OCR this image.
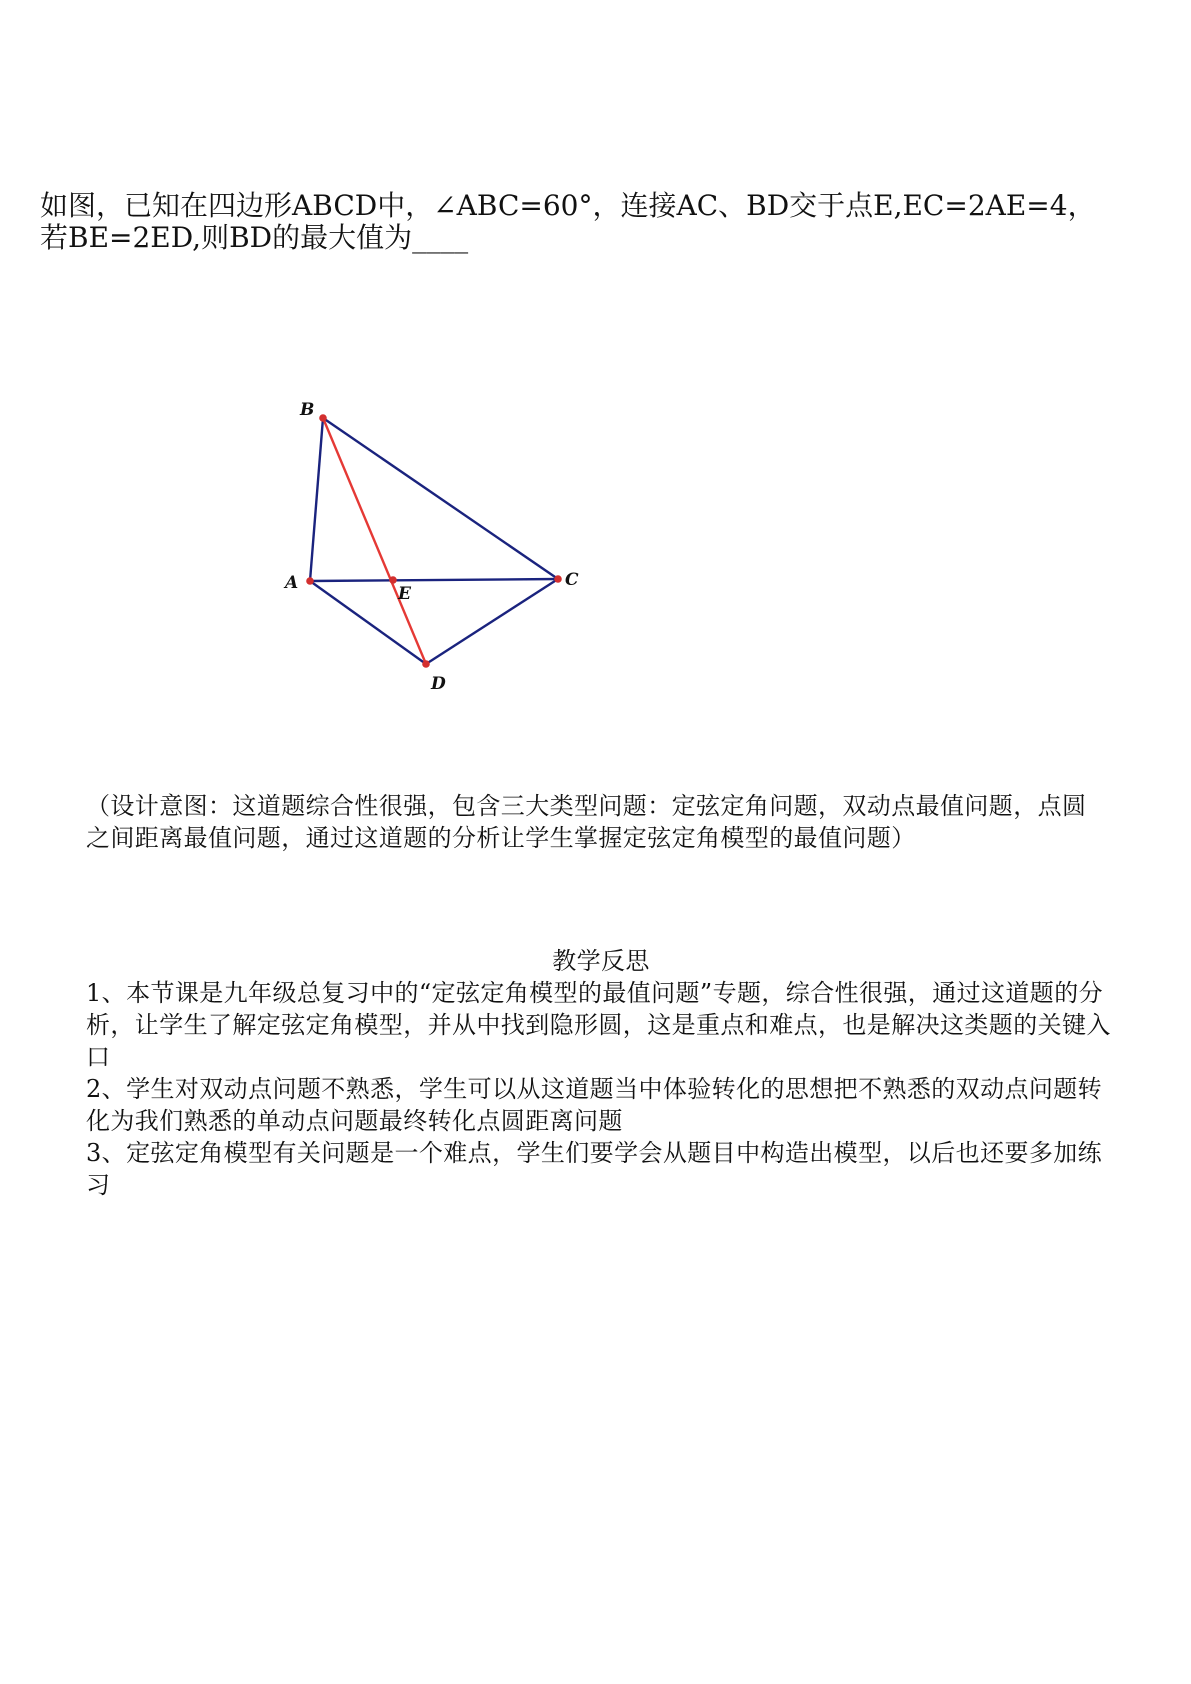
如图，已知在四边形ABCD中，∠ABC=60°，连接AC、BD交于点E,EC=2AE=4，

若BE=2ED,则BD的最大值为____

B
A	C
D
E

（设计意图：这道题综合性很强，包含三大类型问题：定弦定角问题，双动点最值问题，点圆之间距离最值问题，通过这道题的分析让学生掌握定弦定角模型的最值问题）

教学反思

1、本节课是九年级总复习中的“定弦定角模型的最值问题”专题，综合性很强，通过这道题的分析，让学生了解定弦定角模型，并从中找到隐形圆，这是重点和难点，也是解决这类题的关键入口

2、学生对双动点问题不熟悉，学生可以从这道题当中体验转化的思想把不熟悉的双动点问题转化为我们熟悉的单动点问题最终转化点圆距离问题

3、定弦定角模型有关问题是一个难点，学生们要学会从题目中构造出模型，以后也还要多加练习
